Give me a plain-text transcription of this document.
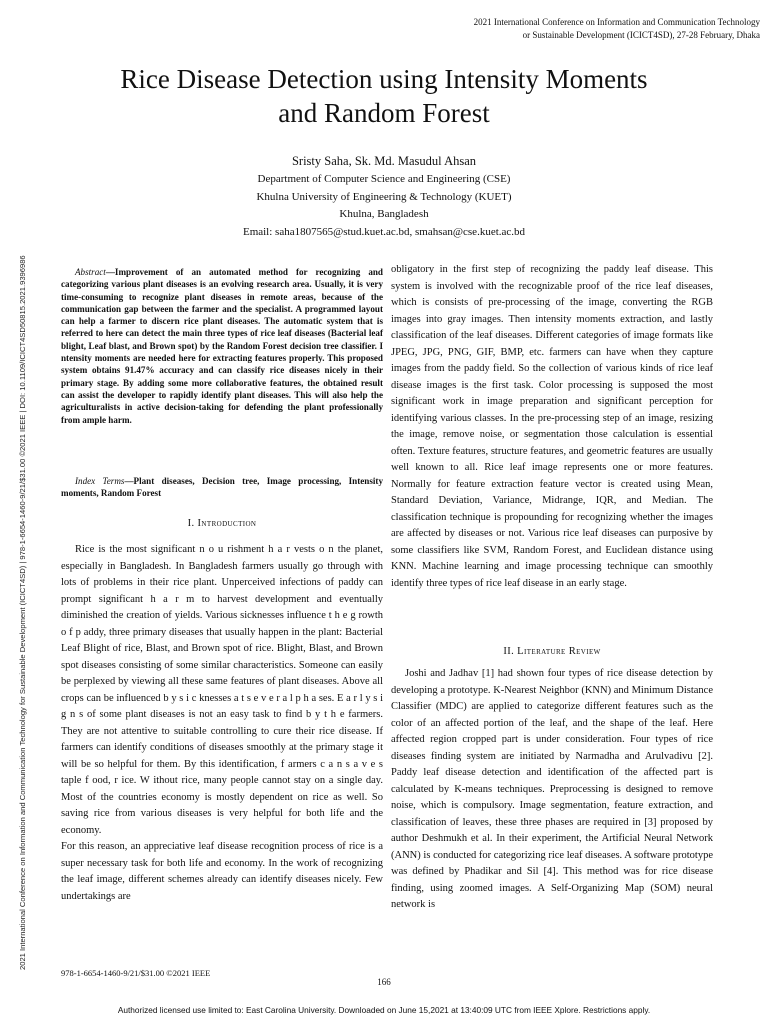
2021 International Conference on Information and Communication Technology
or Sustainable Development (ICICT4SD), 27-28 February, Dhaka
2021 International Conference on Information and Communication Technology for Sustainable Development (ICICT4SD) | 978-1-6654-1460-9/21/$31.00 ©2021 IEEE | DOI: 10.1109/ICICT4SD50815.2021.9396986
Rice Disease Detection using Intensity Moments
and Random Forest
Sristy Saha, Sk. Md. Masudul Ahsan
Department of Computer Science and Engineering (CSE)
Khulna University of Engineering & Technology (KUET)
Khulna, Bangladesh
Email: saha1807565@stud.kuet.ac.bd, smahsan@cse.kuet.ac.bd

Abstract—Improvement of an automated method for recognizing and categorizing various plant diseases is an evolving research area. Usually, it is very time-consuming to recognize plant diseases in remote areas, because of the communication gap between the farmer and the specialist. A programmed layout can help a farmer to discern rice plant diseases. The automatic system that is referred to here can detect the main three types of rice leaf diseases (Bacterial leaf blight, Leaf blast, and Brown spot) by the Random Forest decision tree classifier. I ntensity moments are needed here for extracting features properly. This proposed system obtains 91.47% accuracy and can classify rice diseases nicely in their primary stage. By adding some more collaborative features, the obtained result can assist the developer to rapidly identify plant diseases. This will also help the agriculturalists in active decision-taking for defending the plant professionally from ample harm.

Index Terms—Plant diseases, Decision tree, Image processing, Intensity moments, Random Forest

I. Introduction

Rice is the most significant n o u rishment h a r vests o n the planet, especially in Bangladesh. In Bangladesh farmers usually go through with lots of problems in their rice plant. Unperceived infections of paddy can prompt significant h a r m to harvest development and eventually diminished the creation of yields. Various sicknesses influence t h e g rowth o f p addy, three primary diseases that usually happen in the plant: Bacterial Leaf Blight of rice, Blast, and Brown spot of rice. Blight, Blast, and Brown spot diseases consisting of some similar characteristics. Someone can easily be perplexed by viewing all these same features of plant diseases. Above all crops can be influenced b y s i c knesses a t s e v e r a l p h a ses. E a r l y s i g n s of some plant diseases is not an easy task to find b y t h e farmers. They are not attentive to suitable controlling to cure their rice disease. If farmers can identify conditions of diseases smoothly at the primary stage it will be so helpful for them. By this identification, f armers c a n s a v e s taple f ood, r ice. W ithout rice, many people cannot stay on a single day. Most of the countries economy is mostly dependent on rice as well. So saving rice from various diseases is very helpful for both life and the economy.

For this reason, an appreciative leaf disease recognition process of rice is a super necessary task for both life and economy. In the work of recognizing the leaf image, different schemes already can identify diseases nicely. Few undertakings are

obligatory in the first step of recognizing the paddy leaf disease. This system is involved with the recognizable proof of the rice leaf diseases, which is consists of pre-processing of the image, converting the RGB images into gray images. Then intensity moments extraction, and lastly classification of the leaf diseases. Different categories of image formats like JPEG, JPG, PNG, GIF, BMP, etc. farmers can have when they capture images from the paddy field. So the collection of various kinds of rice leaf disease images is the first task. Color processing is supposed the most significant work in image preparation and significant perception for identifying various classes. In the pre-processing step of an image, resizing the image, remove noise, or segmentation those calculation is essential often. Texture features, structure features, and geometric features are usually well known to all. Rice leaf image represents one or more features. Normally for feature extraction feature vector is created using Mean, Standard Deviation, Variance, Midrange, IQR, and Median. The classification technique is propounding for recognizing whether the images are affected by diseases or not. Various rice leaf diseases can purposive by some classifiers like SVM, Random Forest, and Euclidean distance using KNN. Machine learning and image processing technique can smoothly identify three types of rice leaf disease in an early stage.

II. Literature Review

Joshi and Jadhav [1] had shown four types of rice disease detection by developing a prototype. K-Nearest Neighbor (KNN) and Minimum Distance Classifier (MDC) are applied to categorize different features such as the color of an affected portion of the leaf, and the shape of the leaf. Here affected region cropped part is under consideration. Four types of rice diseases finding system are initiated by Narmadha and Arulvadivu [2]. Paddy leaf disease detection and identification of the affected part is calculated by K-means techniques. Preprocessing is designed to remove noise, which is compulsory. Image segmentation, feature extraction, and classification of leaves, these three phases are required in [3] proposed by author Deshmukh et al. In their experiment, the Artificial Neural Network (ANN) is conducted for categorizing rice leaf diseases. A software prototype was defined by Phadikar and Sil [4]. This method was for rice disease finding, using zoomed images. A Self-Organizing Map (SOM) neural network is

978-1-6654-1460-9/21/$31.00 ©2021 IEEE
166
Authorized licensed use limited to: East Carolina University. Downloaded on June 15,2021 at 13:40:09 UTC from IEEE Xplore. Restrictions apply.
